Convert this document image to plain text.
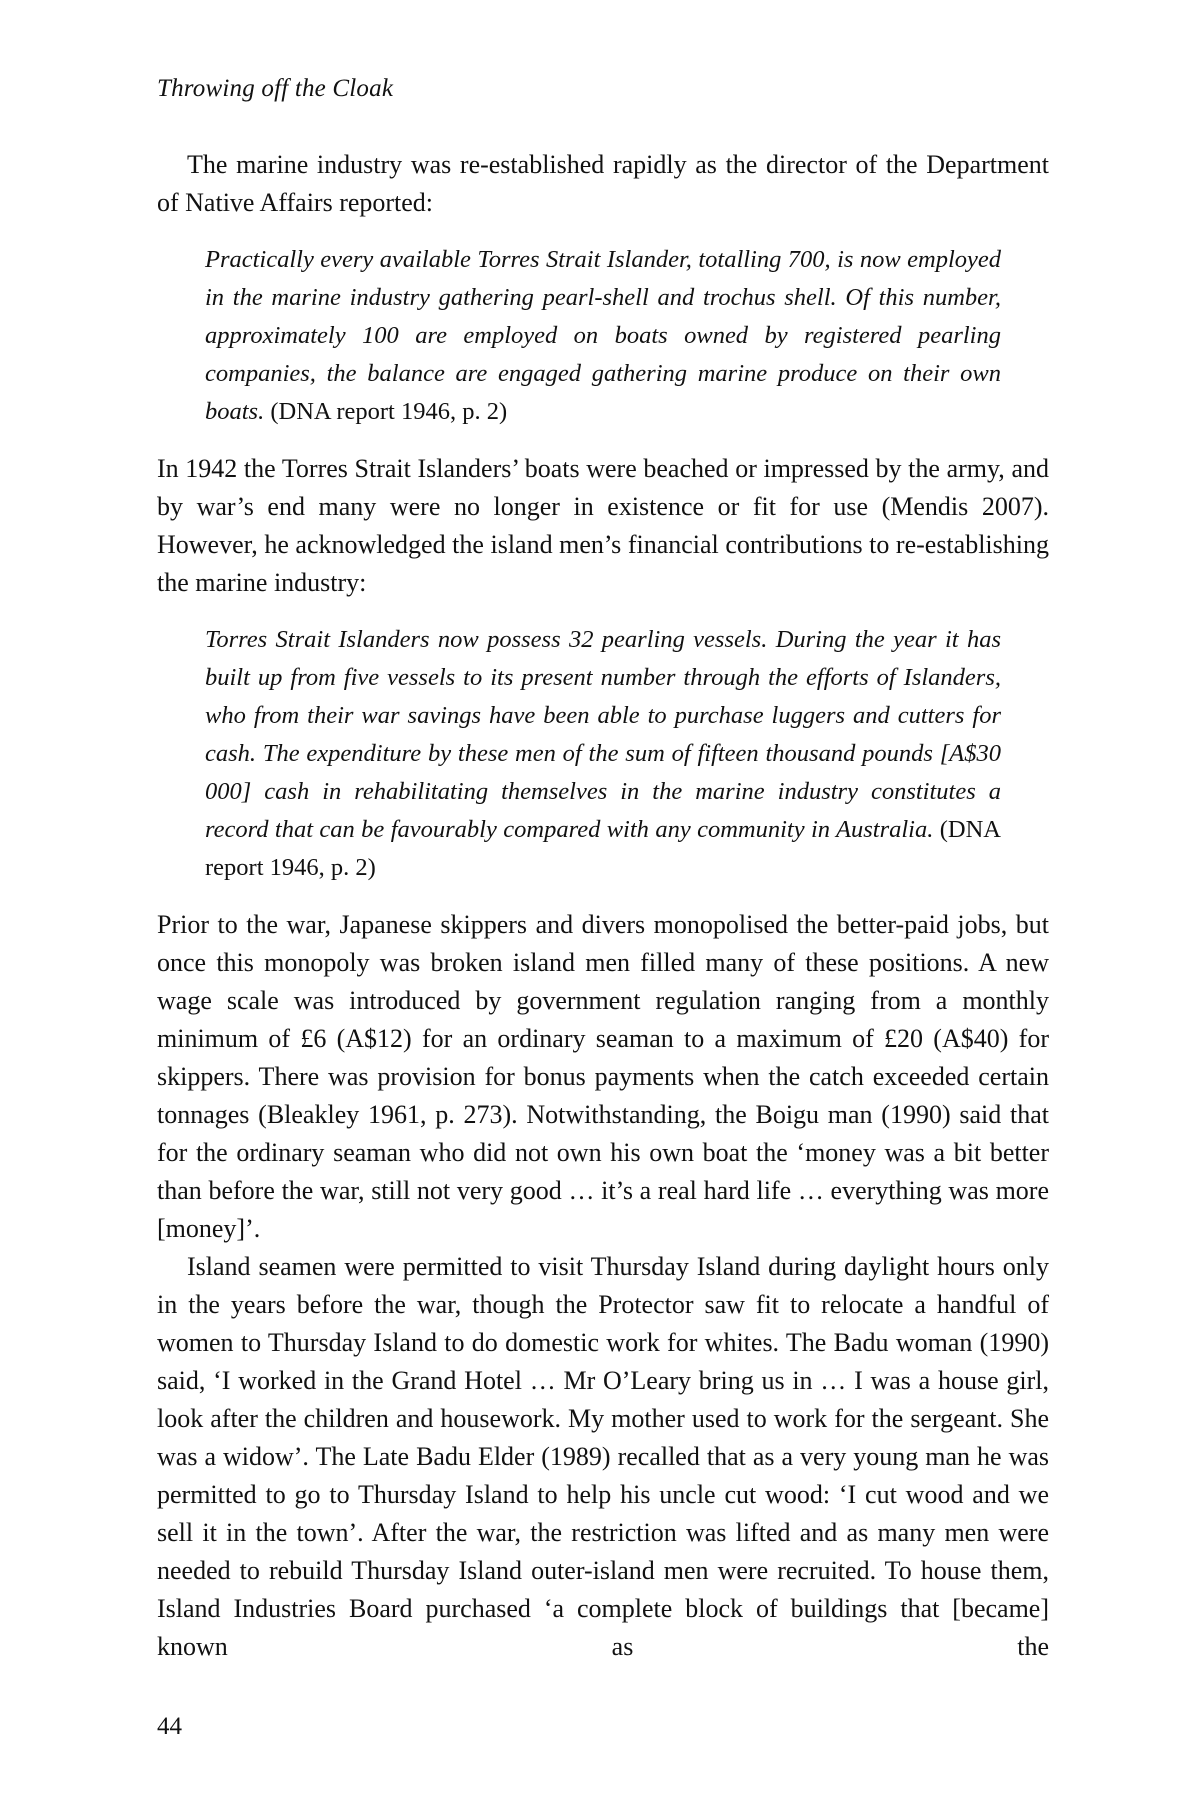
Throwing off the Cloak

The marine industry was re-established rapidly as the director of the Department of Native Affairs reported:

Practically every available Torres Strait Islander, totalling 700, is now employed in the marine industry gathering pearl-shell and trochus shell. Of this number, approximately 100 are employed on boats owned by registered pearling companies, the balance are engaged gathering marine produce on their own boats. (DNA report 1946, p. 2)

In 1942 the Torres Strait Islanders’ boats were beached or impressed by the army, and by war’s end many were no longer in existence or fit for use (Mendis 2007). However, he acknowledged the island men’s financial contributions to re-establishing the marine industry:

Torres Strait Islanders now possess 32 pearling vessels. During the year it has built up from five vessels to its present number through the efforts of Islanders, who from their war savings have been able to purchase luggers and cutters for cash. The expenditure by these men of the sum of fifteen thousand pounds [A$30 000] cash in rehabilitating themselves in the marine industry constitutes a record that can be favourably compared with any community in Australia. (DNA report 1946, p. 2)

Prior to the war, Japanese skippers and divers monopolised the better-paid jobs, but once this monopoly was broken island men filled many of these positions. A new wage scale was introduced by government regulation ranging from a monthly minimum of £6 (A$12) for an ordinary seaman to a maximum of £20 (A$40) for skippers. There was provision for bonus payments when the catch exceeded certain tonnages (Bleakley 1961, p. 273). Notwithstanding, the Boigu man (1990) said that for the ordinary seaman who did not own his own boat the ‘money was a bit better than before the war, still not very good … it’s a real hard life … everything was more [money]’.

Island seamen were permitted to visit Thursday Island during daylight hours only in the years before the war, though the Protector saw fit to relocate a handful of women to Thursday Island to do domestic work for whites. The Badu woman (1990) said, ‘I worked in the Grand Hotel … Mr O’Leary bring us in … I was a house girl, look after the children and housework. My mother used to work for the sergeant. She was a widow’. The Late Badu Elder (1989) recalled that as a very young man he was permitted to go to Thursday Island to help his uncle cut wood: ‘I cut wood and we sell it in the town’. After the war, the restriction was lifted and as many men were needed to rebuild Thursday Island outer-island men were recruited. To house them, Island Industries Board purchased ‘a complete block of buildings that [became] known as the

44
